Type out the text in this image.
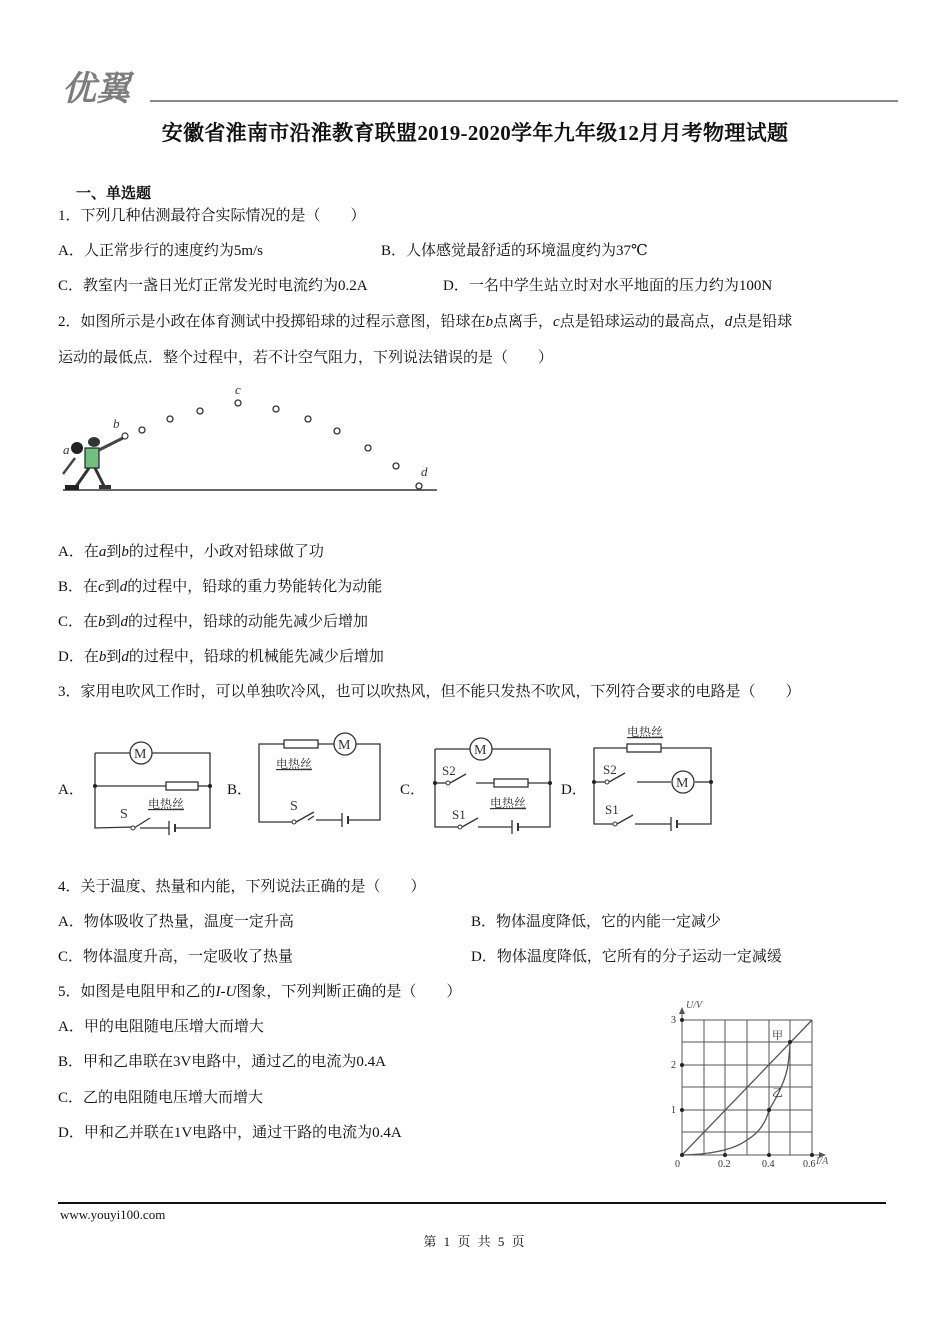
优翼
安徽省淮南市沿淮教育联盟2019-2020学年九年级12月月考物理试题
一、单选题
1．下列几种估测最符合实际情况的是（　　）
A．人正常步行的速度约为5m/s	B．人体感觉最舒适的环境温度约为37℃
C．教室内一盏日光灯正常发光时电流约为0.2A	D．一名中学生站立时对水平地面的压力约为100N
2．如图所示是小政在体育测试中投掷铅球的过程示意图，铅球在b点离手，c点是铅球运动的最高点，d点是铅球
运动的最低点．整个过程中，若不计空气阻力，下列说法错误的是（　　）
a
b
c
d
A．在a到b的过程中，小政对铅球做了功
B．在c到d的过程中，铅球的重力势能转化为动能
C．在b到d的过程中，铅球的动能先减少后增加
D．在b到d的过程中，铅球的机械能先减少后增加
3．家用电吹风工作时，可以单独吹冷风，也可以吹热风，但不能只发热不吹风，下列符合要求的电路是（　　）
A．
M
S
电热丝
B．
M
S
电热丝
C．
M
S2
S1
电热丝
D．	M
S2
S1
电热丝
4．关于温度、热量和内能，下列说法正确的是（　　）
A．物体吸收了热量，温度一定升高	B．物体温度降低，它的内能一定减少
C．物体温度升高，一定吸收了热量	D．物体温度降低，它所有的分子运动一定减缓
5．如图是电阻甲和乙的I-U图象，下列判断正确的是（　　）
A．甲的电阻随电压增大而增大
B．甲和乙串联在3V电路中，通过乙的电流为0.4A
C．乙的电阻随电压增大而增大
D．甲和乙并联在1V电路中，通过干路的电流为0.4A
U/V
I/A
3
2
1
0	0.2	0.4	0.6
甲
乙
www.youyi100.com
第 1 页 共 5 页
